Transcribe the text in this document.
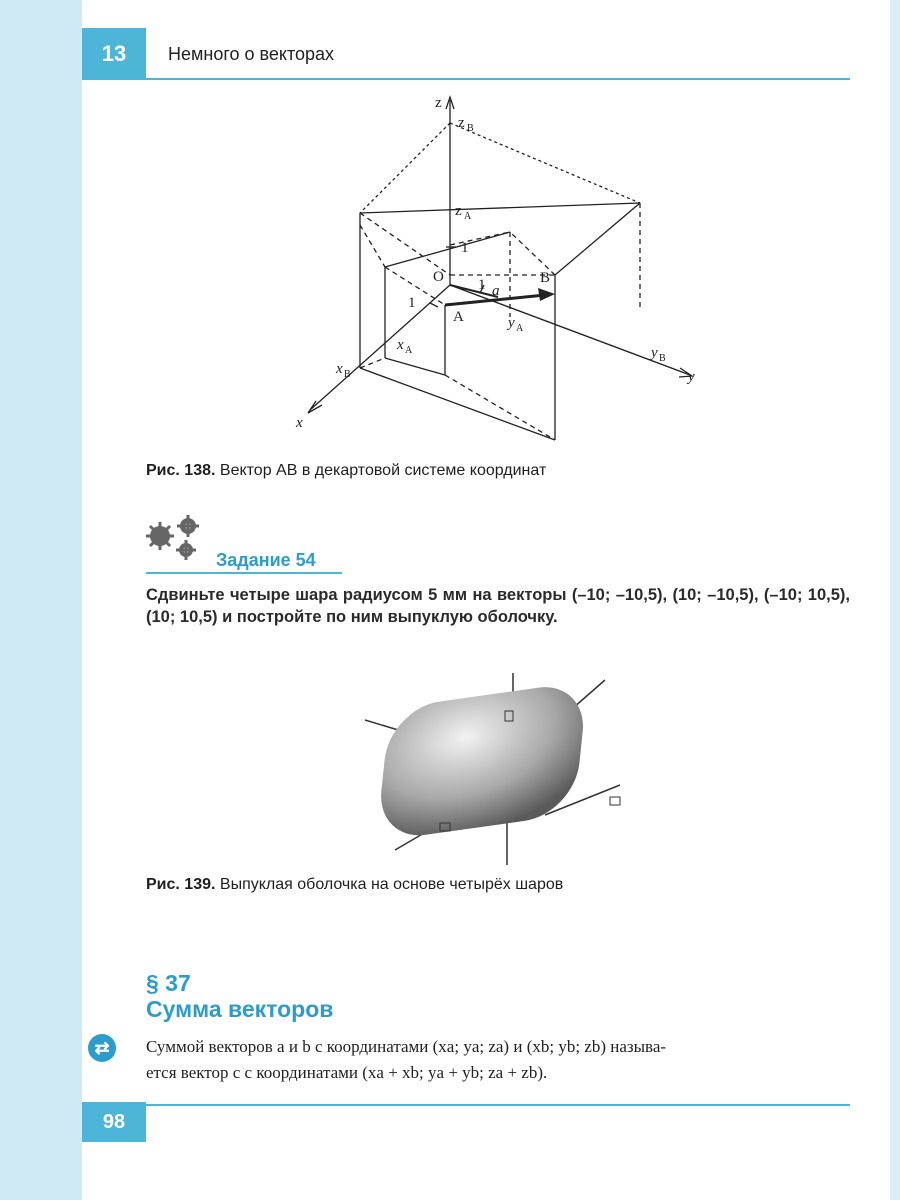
13	Немного о векторах
z
z B
z A
1
O 1 a
B
1
A	y A
x A
x B
y B
y
x
Рис. 138. Вектор AB в декартовой системе координат
Задание 54
Сдвиньте четыре шара радиусом 5 мм на векторы (–10; –10,5), (10; –10,5), (–10; 10,5), (10; 10,5) и постройте по ним выпуклую оболочку.
Рис. 139. Выпуклая оболочка на основе четырёх шаров
§ 37
Сумма векторов
⇄	Суммой векторов a и b с координатами (xa; ya; za) и (xb; yb; zb) называ-
ется вектор c с координатами (xa + xb; ya + yb; za + zb).
98
